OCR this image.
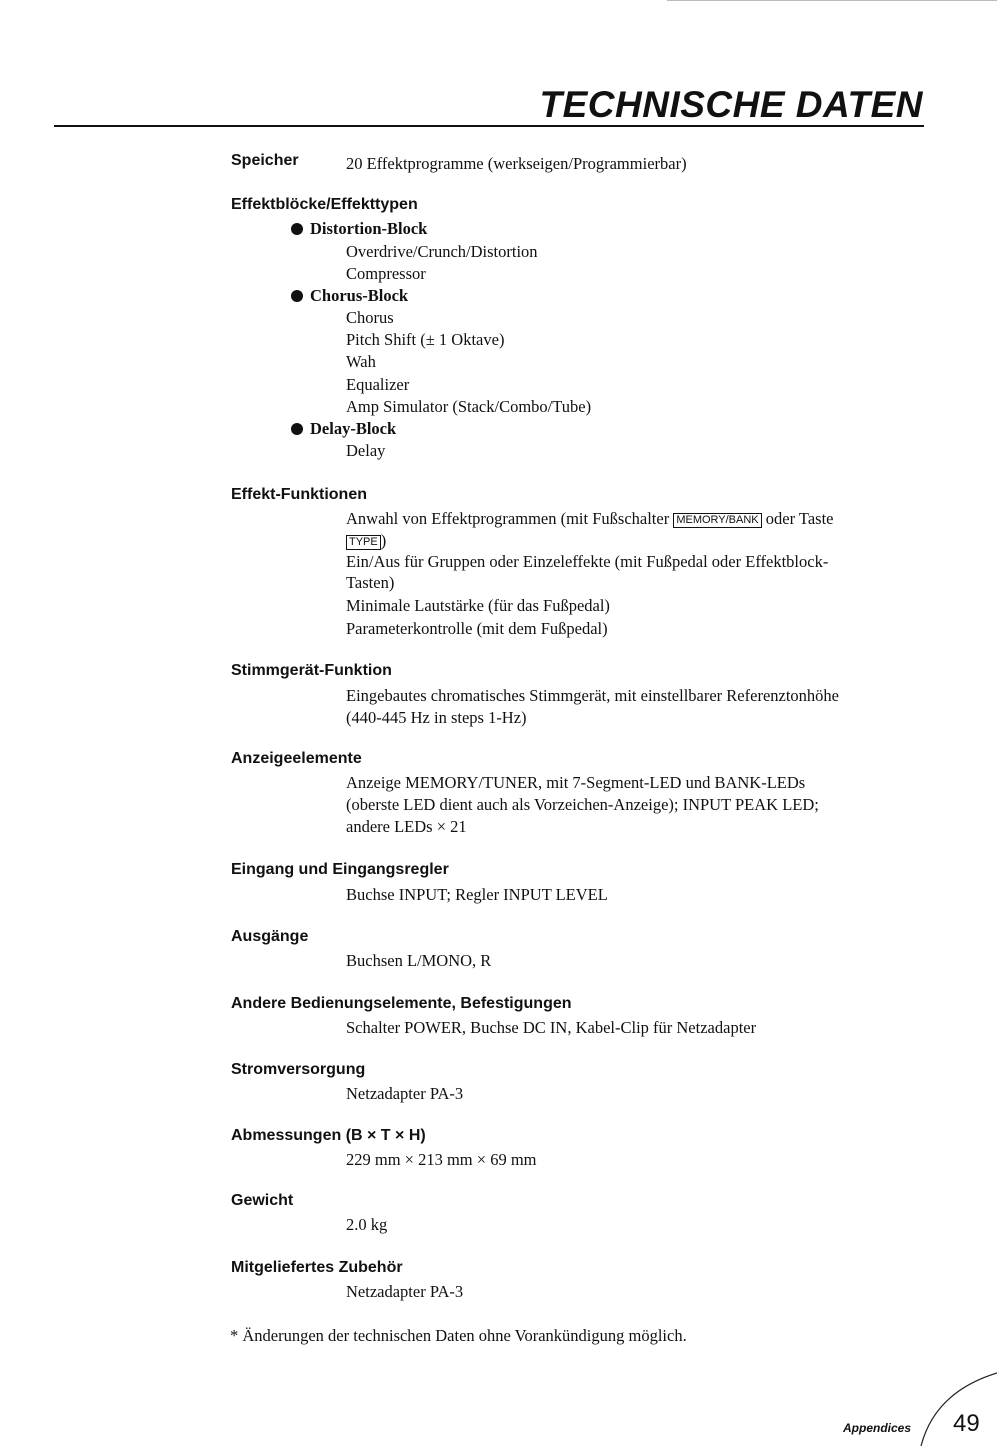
TECHNISCHE DATEN
Speicher	20 Effektprogramme (werkseigen/Programmierbar)
Effektblöcke/Effekttypen
Distortion-Block
Overdrive/Crunch/Distortion
Compressor
Chorus-Block
Chorus
Pitch Shift (± 1 Oktave)
Wah
Equalizer
Amp Simulator (Stack/Combo/Tube)
Delay-Block
Delay
Effekt-Funktionen
Anwahl von Effektprogrammen (mit Fußschalter MEMORY/BANK oder Taste
TYPE )
Ein/Aus für Gruppen oder Einzeleffekte (mit Fußpedal oder Effektblock-
Tasten)
Minimale Lautstärke (für das Fußpedal)
Parameterkontrolle (mit dem Fußpedal)
Stimmgerät-Funktion
Eingebautes chromatisches Stimmgerät, mit einstellbarer Referenztonhöhe
(440-445 Hz in steps 1-Hz)
Anzeigeelemente
Anzeige MEMORY/TUNER, mit 7-Segment-LED und BANK-LEDs
(oberste LED dient auch als Vorzeichen-Anzeige); INPUT PEAK LED;
andere LEDs × 21
Eingang und Eingangsregler
Buchse INPUT; Regler INPUT LEVEL
Ausgänge
Buchsen L/MONO, R
Andere Bedienungselemente, Befestigungen
Schalter POWER, Buchse DC IN, Kabel-Clip für Netzadapter
Stromversorgung
Netzadapter PA-3
Abmessungen (B × T × H)
229 mm × 213 mm × 69 mm
Gewicht
2.0 kg
Mitgeliefertes Zubehör
Netzadapter PA-3
* Änderungen der technischen Daten ohne Vorankündigung möglich.
Appendices 49
